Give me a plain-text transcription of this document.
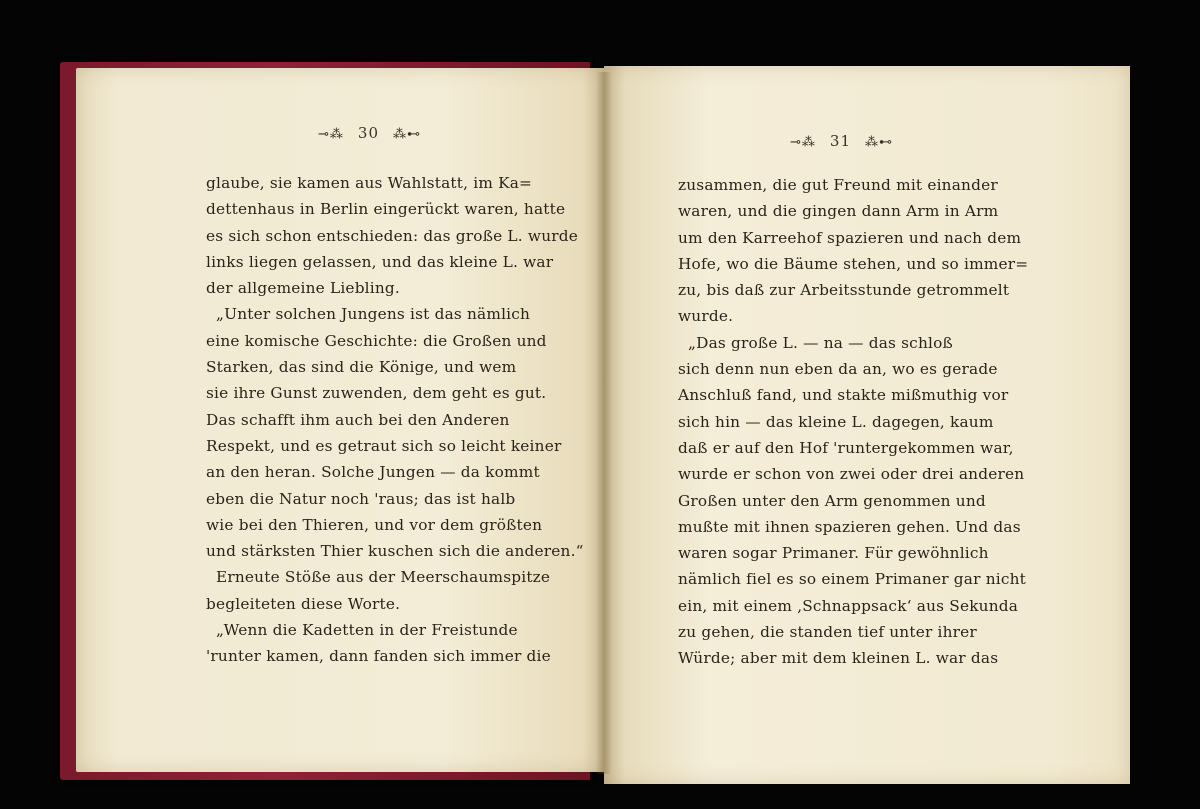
⊸⁂ 30 ⁂⊷
⊸⁂ 31 ⁂⊷
glaube, sie kamen aus Wahlstatt, im Ka=
dettenhaus in Berlin eingerückt waren, hatte
es sich schon entschieden: das große L. wurde
links liegen gelassen, und das kleine L. war
der allgemeine Liebling.
„Unter solchen Jungens ist das nämlich
eine komische Geschichte: die Großen und
Starken, das sind die Könige, und wem
sie ihre Gunst zuwenden, dem geht es gut.
Das schafft ihm auch bei den Anderen
Respekt, und es getraut sich so leicht keiner
an den heran. Solche Jungen — da kommt
eben die Natur noch 'raus; das ist halb
wie bei den Thieren, und vor dem größten
und stärksten Thier kuschen sich die anderen.“
Erneute Stöße aus der Meerschaumspitze
begleiteten diese Worte.
„Wenn die Kadetten in der Freistunde
'runter kamen, dann fanden sich immer die
zusammen, die gut Freund mit einander
waren, und die gingen dann Arm in Arm
um den Karreehof spazieren und nach dem
Hofe, wo die Bäume stehen, und so immer=
zu, bis daß zur Arbeitsstunde getrommelt
wurde.
„Das große L. — na — das schloß
sich denn nun eben da an, wo es gerade
Anschluß fand, und stakte mißmuthig vor
sich hin — das kleine L. dagegen, kaum
daß er auf den Hof 'runtergekommen war,
wurde er schon von zwei oder drei anderen
Großen unter den Arm genommen und
mußte mit ihnen spazieren gehen. Und das
waren sogar Primaner. Für gewöhnlich
nämlich fiel es so einem Primaner gar nicht
ein, mit einem ‚Schnappsack‘ aus Sekunda
zu gehen, die standen tief unter ihrer
Würde; aber mit dem kleinen L. war das
